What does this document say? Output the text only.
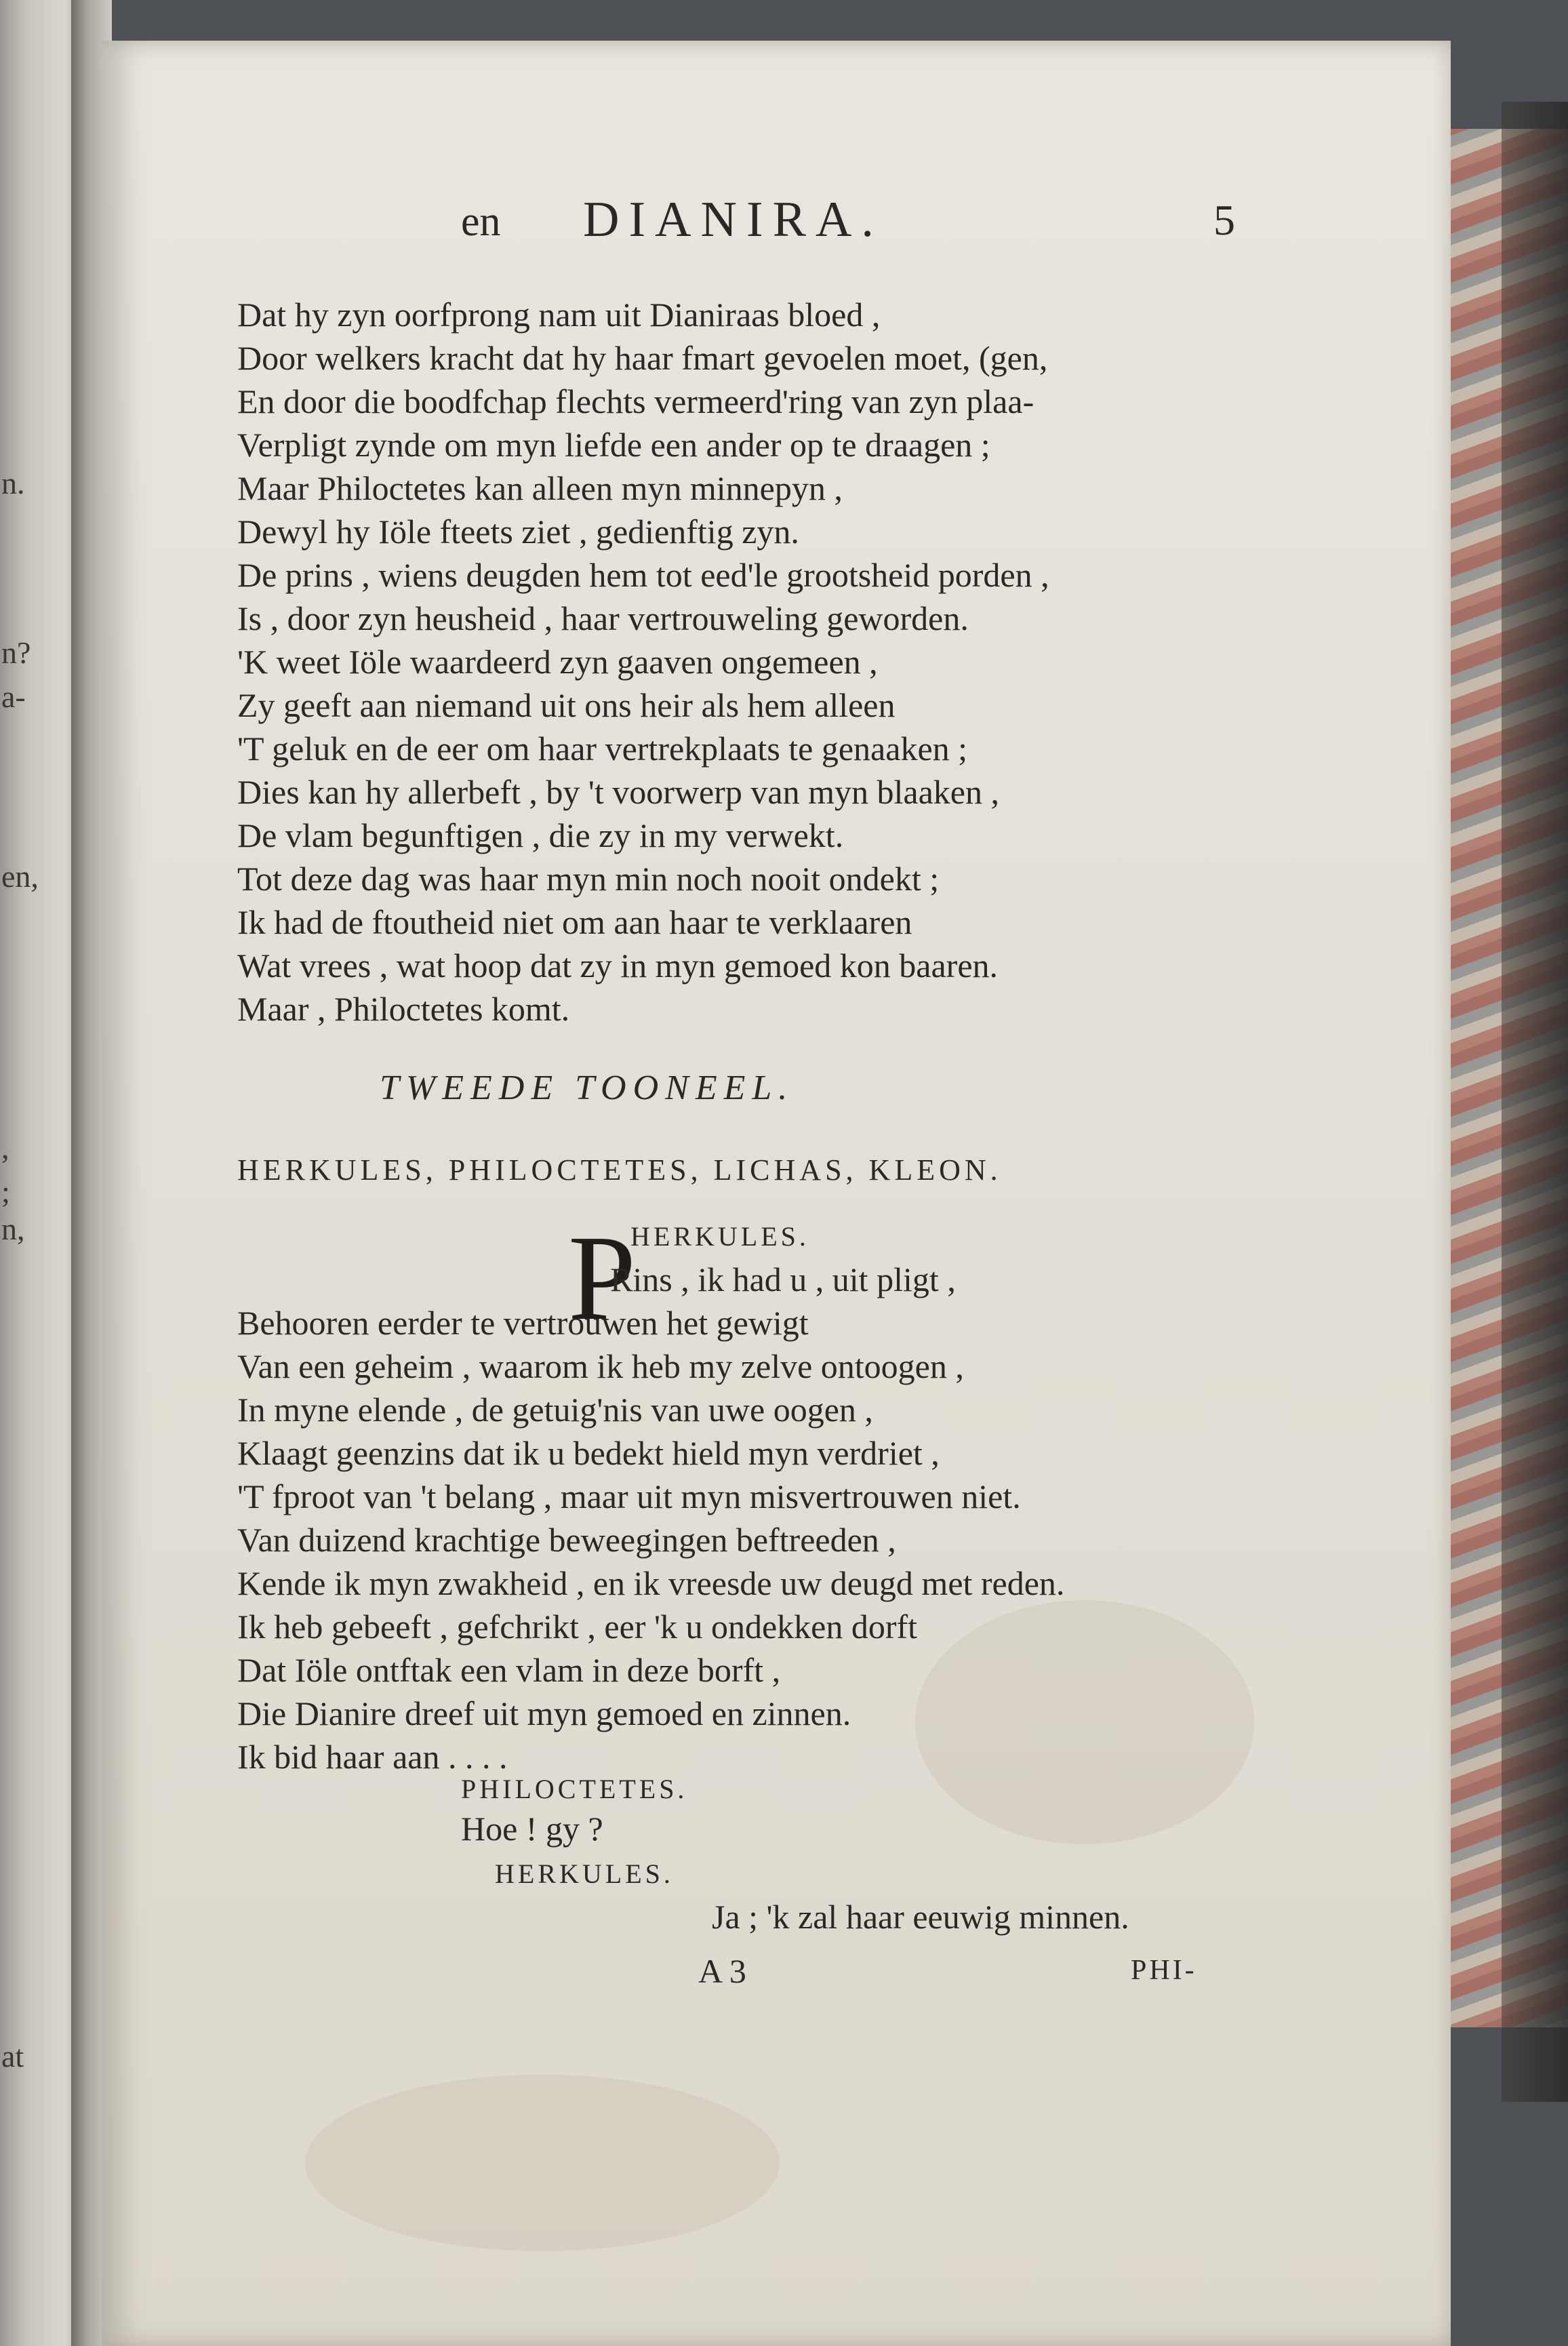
n.
n?
a-
en,
,
;
n,
at
en DIANIRA.	5
Dat hy zyn oorfprong nam uit Dianiraas bloed ,
Door welkers kracht dat hy haar fmart gevoelen moet, (gen,
En door die boodfchap flechts vermeerd'ring van zyn plaa-
Verpligt zynde om myn liefde een ander op te draagen ;
Maar Philoctetes kan alleen myn minnepyn ,
Dewyl hy Iöle fteets ziet , gedienftig zyn.
De prins , wiens deugden hem tot eed'le grootsheid porden ,
Is , door zyn heusheid , haar vertrouweling geworden.
'K weet Iöle waardeerd zyn gaaven ongemeen ,
Zy geeft aan niemand uit ons heir als hem alleen
'T geluk en de eer om haar vertrekplaats te genaaken ;
Dies kan hy allerbeft , by 't voorwerp van myn blaaken ,
De vlam begunftigen , die zy in my verwekt.
Tot deze dag was haar myn min noch nooit ondekt ;
Ik had de ftoutheid niet om aan haar te verklaaren
Wat vrees , wat hoop dat zy in myn gemoed kon baaren.
Maar , Philoctetes komt.
TWEEDE TOONEEL.
HERKULES, PHILOCTETES, LICHAS, KLEON.
HERKULES.
P
Rins , ik had u , uit pligt ,
Behooren eerder te vertrouwen het gewigt
Van een geheim , waarom ik heb my zelve ontoogen ,
In myne elende , de getuig'nis van uwe oogen ,
Klaagt geenzins dat ik u bedekt hield myn verdriet ,
'T fproot van 't belang , maar uit myn misvertrouwen niet.
Van duizend krachtige beweegingen beftreeden ,
Kende ik myn zwakheid , en ik vreesde uw deugd met reden.
Ik heb gebeeft , gefchrikt , eer 'k u ondekken dorft
Dat Iöle ontftak een vlam in deze borft ,
Die Dianire dreef uit myn gemoed en zinnen.
Ik bid haar aan . . . .
PHILOCTETES.
Hoe ! gy ?
HERKULES.
Ja ; 'k zal haar eeuwig minnen.
A 3	PHI-
